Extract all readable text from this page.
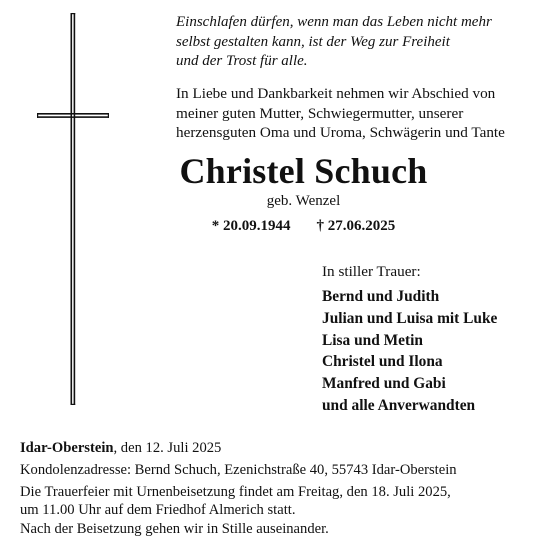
Einschlafen dürfen, wenn man das Leben nicht mehr
selbst gestalten kann, ist der Weg zur Freiheit
und der Trost für alle.
In Liebe und Dankbarkeit nehmen wir Abschied von
meiner guten Mutter, Schwiegermutter, unserer
herzensguten Oma und Uroma, Schwägerin und Tante
Christel Schuch
geb. Wenzel
* 20.09.1944 † 27.06.2025
In stiller Trauer:
Bernd und Judith
Julian und Luisa mit Luke
Lisa und Metin
Christel und Ilona
Manfred und Gabi
und alle Anverwandten
Idar-Oberstein, den 12. Juli 2025
Kondolenzadresse: Bernd Schuch, Ezenichstraße 40, 55743 Idar-Oberstein
Die Trauerfeier mit Urnenbeisetzung findet am Freitag, den 18. Juli 2025,
um 11.00 Uhr auf dem Friedhof Almerich statt.
Nach der Beisetzung gehen wir in Stille auseinander.
